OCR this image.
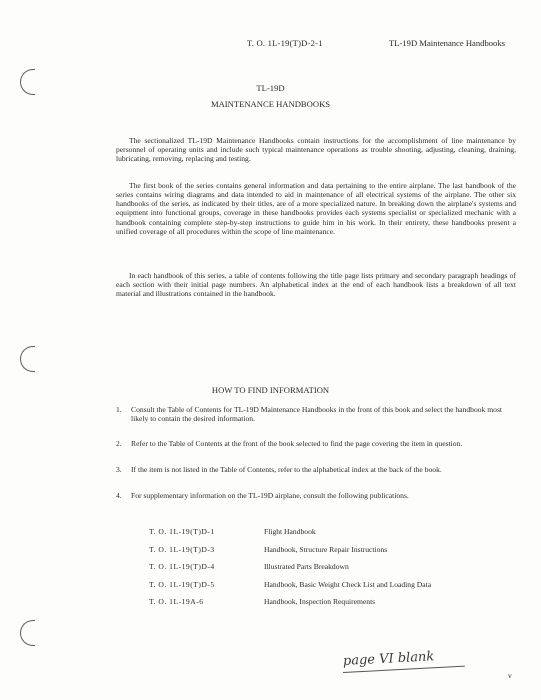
T. O. 1L-19(T)D-2-1	TL-19D Maintenance Handbooks
TL-19D
MAINTENANCE HANDBOOKS

The sectionalized TL-19D Maintenance Handbooks contain instructions for the accomplishment of line maintenance by personnel of operating units and include such typical maintenance operations as trouble shooting, adjusting, cleaning, draining, lubricating, removing, replacing and testing.

The first book of the series contains general information and data pertaining to the entire airplane. The last handbook of the series contains wiring diagrams and data intended to aid in maintenance of all electrical systems of the airplane. The other six handbooks of the series, as indicated by their titles, are of a more specialized nature. In breaking down the airplane's systems and equipment into functional groups, coverage in these handbooks provides each systems specialist or specialized mechanic with a handbook containing complete step-by-step instructions to guide him in his work. In their entirety, these handbooks present a unified coverage of all procedures within the scope of line maintenance.

In each handbook of this series, a table of contents following the title page lists primary and secondary paragraph headings of each section with their initial page numbers. An alphabetical index at the end of each handbook lists a breakdown of all text material and illustrations contained in the handbook.

HOW TO FIND INFORMATION
1. Consult the Table of Contents for TL-19D Maintenance Handbooks in the front of this book and select the handbook most likely to contain the desired information.
2. Refer to the Table of Contents at the front of the book selected to find the page covering the item in question.
3. If the item is not listed in the Table of Contents, refer to the alphabetical index at the back of the book.
4. For supplementary information on the TL-19D airplane, consult the following publications.
T. O. 1L-19(T)D-1	Flight Handbook
T. O. 1L-19(T)D-3	Handbook, Structure Repair Instructions
T. O. 1L-19(T)D-4	Illustrated Parts Breakdown
T. O. 1L-19(T)D-5	Handbook, Basic Weight Check List and Loading Data
T. O. 1L-19A-6	Handbook, Inspection Requirements
page VI blank
v
